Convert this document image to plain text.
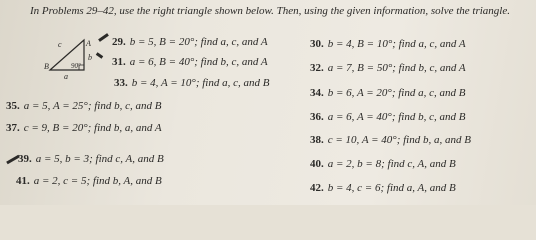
In Problems 29–42, use the right triangle shown below. Then, using the given information, solve the triangle.
c	A
b
B	90°
a
29. b = 5, B = 20°; find a, c, and A
31. a = 6, B = 40°; find b, c, and A
33. b = 4, A = 10°; find a, c, and B
35. a = 5, A = 25°; find b, c, and B
37. c = 9, B = 20°; find b, a, and A
39. a = 5, b = 3; find c, A, and B
41. a = 2, c = 5; find b, A, and B
30. b = 4, B = 10°; find a, c, and A
32. a = 7, B = 50°; find b, c, and A
34. b = 6, A = 20°; find a, c, and B
36. a = 6, A = 40°; find b, c, and B
38. c = 10, A = 40°; find b, a, and B
40. a = 2, b = 8; find c, A, and B
42. b = 4, c = 6; find a, A, and B
